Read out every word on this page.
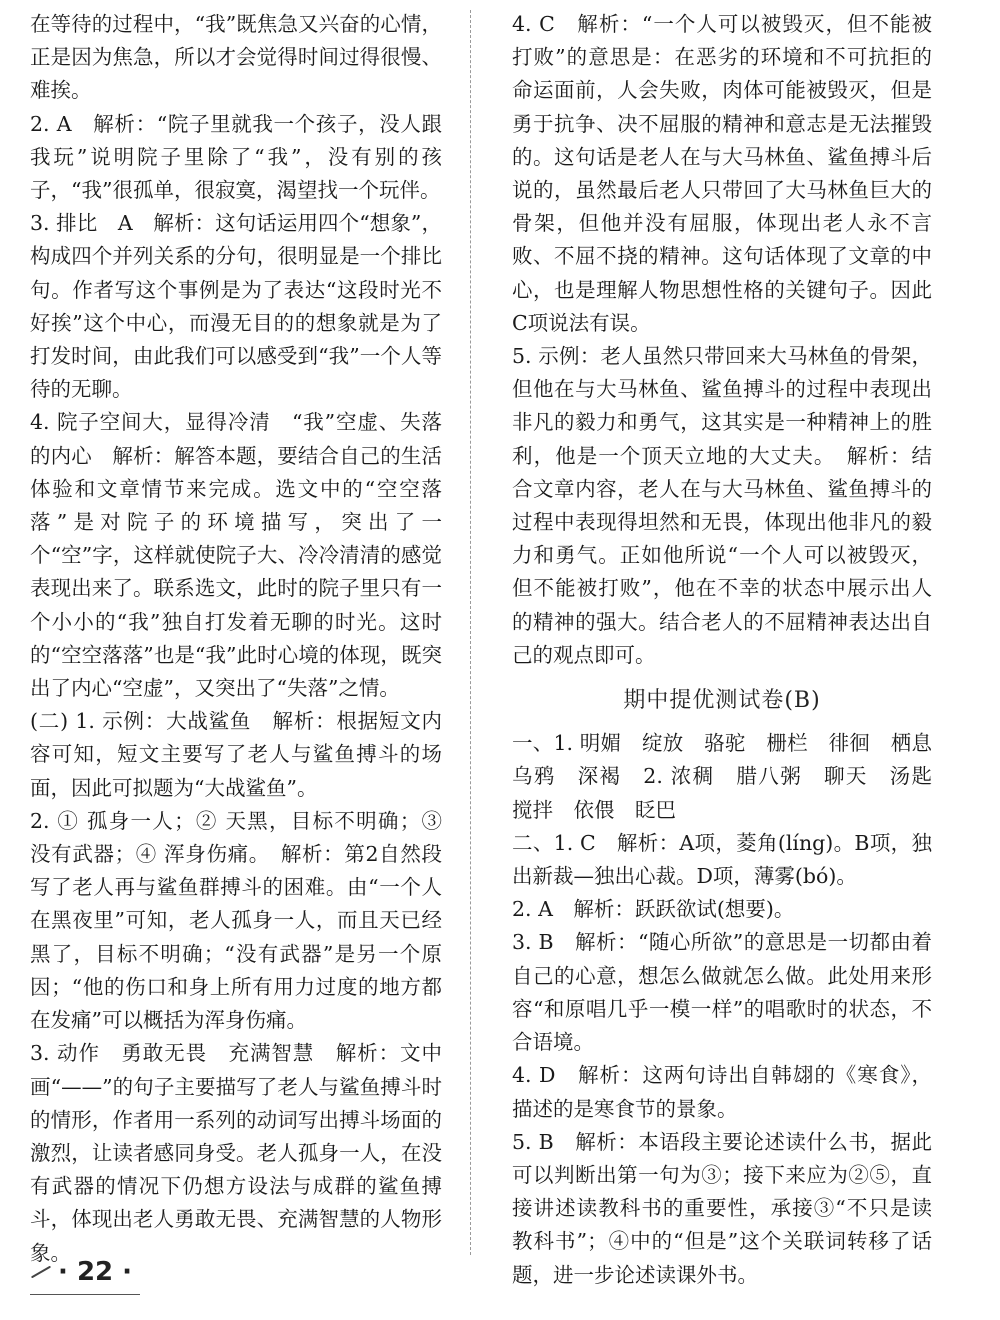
在等待的过程中，“我”既焦急又兴奋的心情，正是因为焦急，所以才会觉得时间过得很慢、难挨。

2. A　解析：“院子里就我一个孩子，没人跟我玩”说明院子里除了“我”，没有别的孩子，“我”很孤单，很寂寞，渴望找一个玩伴。

3. 排比　A　解析：这句话运用四个“想象”，构成四个并列关系的分句，很明显是一个排比句。作者写这个事例是为了表达“这段时光不好挨”这个中心，而漫无目的的想象就是为了打发时间，由此我们可以感受到“我”一个人等待的无聊。

4. 院子空间大，显得冷清　“我”空虚、失落的内心　解析：解答本题，要结合自己的生活体验和文章情节来完成。选文中的“空空落落”是对院子的环境描写，突出了一个“空”字，这样就使院子大、冷冷清清的感觉表现出来了。联系选文，此时的院子里只有一个小小的“我”独自打发着无聊的时光。这时的“空空落落”也是“我”此时心境的体现，既突出了内心“空虚”，又突出了“失落”之情。

(二) 1. 示例：大战鲨鱼　解析：根据短文内容可知，短文主要写了老人与鲨鱼搏斗的场面，因此可拟题为“大战鲨鱼”。

2. ① 孤身一人；② 天黑，目标不明确；③ 没有武器；④ 浑身伤痛。　解析：第2自然段写了老人再与鲨鱼群搏斗的困难。由“一个人在黑夜里”可知，老人孤身一人，而且天已经黑了，目标不明确；“没有武器”是另一个原因；“他的伤口和身上所有用力过度的地方都在发痛”可以概括为浑身伤痛。

3. 动作　勇敢无畏　充满智慧　解析：文中画“——”的句子主要描写了老人与鲨鱼搏斗时的情形，作者用一系列的动词写出搏斗场面的激烈，让读者感同身受。老人孤身一人，在没有武器的情况下仍想方设法与成群的鲨鱼搏斗，体现出老人勇敢无畏、充满智慧的人物形象。

4. C　解析：“一个人可以被毁灭，但不能被打败”的意思是：在恶劣的环境和不可抗拒的命运面前，人会失败，肉体可能被毁灭，但是勇于抗争、决不屈服的精神和意志是无法摧毁的。这句话是老人在与大马林鱼、鲨鱼搏斗后说的，虽然最后老人只带回了大马林鱼巨大的骨架，但他并没有屈服，体现出老人永不言败、不屈不挠的精神。这句话体现了文章的中心，也是理解人物思想性格的关键句子。因此C项说法有误。

5. 示例：老人虽然只带回来大马林鱼的骨架，但他在与大马林鱼、鲨鱼搏斗的过程中表现出非凡的毅力和勇气，这其实是一种精神上的胜利，他是一个顶天立地的大丈夫。　解析：结合文章内容，老人在与大马林鱼、鲨鱼搏斗的过程中表现得坦然和无畏，体现出他非凡的毅力和勇气。正如他所说“一个人可以被毁灭，但不能被打败”，他在不幸的状态中展示出人的精神的强大。结合老人的不屈精神表达出自己的观点即可。

期中提优测试卷(B)

一、1. 明媚　绽放　骆驼　栅栏　徘徊　栖息　乌鸦　深褐　2. 浓稠　腊八粥　聊天　汤匙　搅拌　依偎　眨巴

二、1. C　解析：A项，菱角(líng)。B项，独出新裁—独出心裁。D项，薄雾(bó)。

2. A　解析：跃跃欲试(想要)。

3. B　解析：“随心所欲”的意思是一切都由着自己的心意，想怎么做就怎么做。此处用来形容“和原唱几乎一模一样”的唱歌时的状态，不合语境。

4. D　解析：这两句诗出自韩翃的《寒食》，描述的是寒食节的景象。

5. B　解析：本语段主要论述读什么书，据此可以判断出第一句为③；接下来应为②⑤，直接讲述读教科书的重要性，承接③“不只是读教科书”；④中的“但是”这个关联词转移了话题，进一步论述读课外书。

· 22 ·
